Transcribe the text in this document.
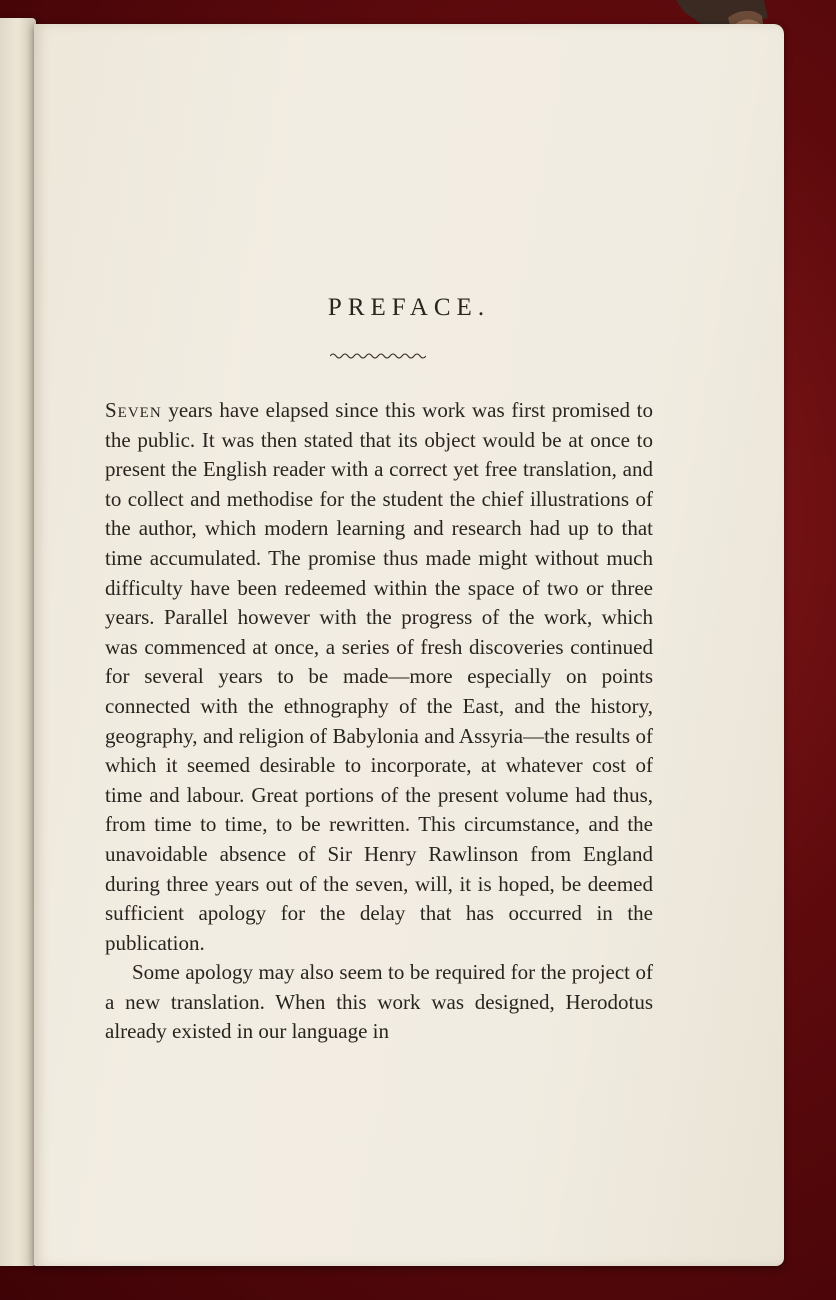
PREFACE.

Seven years have elapsed since this work was first promised to the public. It was then stated that its object would be at once to present the English reader with a correct yet free translation, and to collect and methodise for the student the chief illustrations of the author, which modern learning and research had up to that time accumulated. The promise thus made might without much difficulty have been redeemed within the space of two or three years. Parallel however with the progress of the work, which was commenced at once, a series of fresh discoveries continued for several years to be made—more especially on points connected with the ethnography of the East, and the history, geography, and religion of Babylonia and Assyria—the results of which it seemed desirable to incorporate, at whatever cost of time and labour. Great portions of the present volume had thus, from time to time, to be rewritten. This circumstance, and the unavoidable absence of Sir Henry Rawlinson from England during three years out of the seven, will, it is hoped, be deemed sufficient apology for the delay that has occurred in the publication.

Some apology may also seem to be required for the project of a new translation. When this work was designed, Herodotus already existed in our language in
